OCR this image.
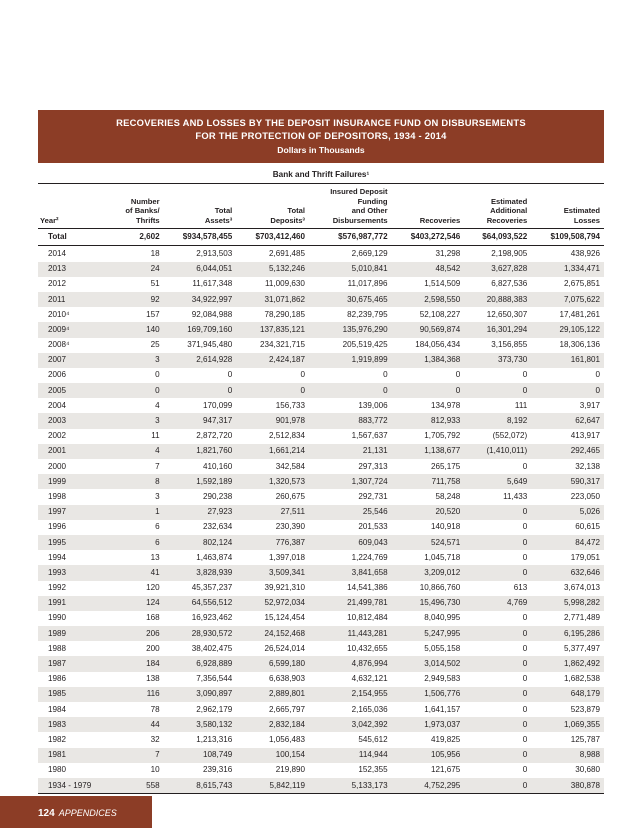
FDIC ANNUAL REPORT 2014
RECOVERIES AND LOSSES BY THE DEPOSIT INSURANCE FUND ON DISBURSEMENTS
FOR THE PROTECTION OF DEPOSITORS, 1934 - 2014
Dollars in Thousands
Bank and Thrift Failures¹
Year²	Number
of Banks/
Thrifts	Total
Assets³	Total
Deposits³	Insured Deposit
Funding
and Other
Disbursements	Recoveries	Estimated
Additional
Recoveries	Estimated
Losses
Total	2,602	$934,578,455	$703,412,460	$576,987,772	$403,272,546	$64,093,522	$109,508,794
2014	18	2,913,503	2,691,485	2,669,129	31,298	2,198,905	438,926
2013	24	6,044,051	5,132,246	5,010,841	48,542	3,627,828	1,334,471
2012	51	11,617,348	11,009,630	11,017,896	1,514,509	6,827,536	2,675,851
2011	92	34,922,997	31,071,862	30,675,465	2,598,550	20,888,383	7,075,622
2010⁴	157	92,084,988	78,290,185	82,239,795	52,108,227	12,650,307	17,481,261
2009⁴	140	169,709,160	137,835,121	135,976,290	90,569,874	16,301,294	29,105,122
2008⁴	25	371,945,480	234,321,715	205,519,425	184,056,434	3,156,855	18,306,136
2007	3	2,614,928	2,424,187	1,919,899	1,384,368	373,730	161,801
2006	0	0	0	0	0	0	0
2005	0	0	0	0	0	0	0
2004	4	170,099	156,733	139,006	134,978	111	3,917
2003	3	947,317	901,978	883,772	812,933	8,192	62,647
2002	11	2,872,720	2,512,834	1,567,637	1,705,792	(552,072)	413,917
2001	4	1,821,760	1,661,214	21,131	1,138,677	(1,410,011)	292,465
2000	7	410,160	342,584	297,313	265,175	0	32,138
1999	8	1,592,189	1,320,573	1,307,724	711,758	5,649	590,317
1998	3	290,238	260,675	292,731	58,248	11,433	223,050
1997	1	27,923	27,511	25,546	20,520	0	5,026
1996	6	232,634	230,390	201,533	140,918	0	60,615
1995	6	802,124	776,387	609,043	524,571	0	84,472
1994	13	1,463,874	1,397,018	1,224,769	1,045,718	0	179,051
1993	41	3,828,939	3,509,341	3,841,658	3,209,012	0	632,646
1992	120	45,357,237	39,921,310	14,541,386	10,866,760	613	3,674,013
1991	124	64,556,512	52,972,034	21,499,781	15,496,730	4,769	5,998,282
1990	168	16,923,462	15,124,454	10,812,484	8,040,995	0	2,771,489
1989	206	28,930,572	24,152,468	11,443,281	5,247,995	0	6,195,286
1988	200	38,402,475	26,524,014	10,432,655	5,055,158	0	5,377,497
1987	184	6,928,889	6,599,180	4,876,994	3,014,502	0	1,862,492
1986	138	7,356,544	6,638,903	4,632,121	2,949,583	0	1,682,538
1985	116	3,090,897	2,889,801	2,154,955	1,506,776	0	648,179
1984	78	2,962,179	2,665,797	2,165,036	1,641,157	0	523,879
1983	44	3,580,132	2,832,184	3,042,392	1,973,037	0	1,069,355
1982	32	1,213,316	1,056,483	545,612	419,825	0	125,787
1981	7	108,749	100,154	114,944	105,956	0	8,988
1980	10	239,316	219,890	152,355	121,675	0	30,680
1934 - 1979	558	8,615,743	5,842,119	5,133,173	4,752,295	0	380,878
124 APPENDICES
